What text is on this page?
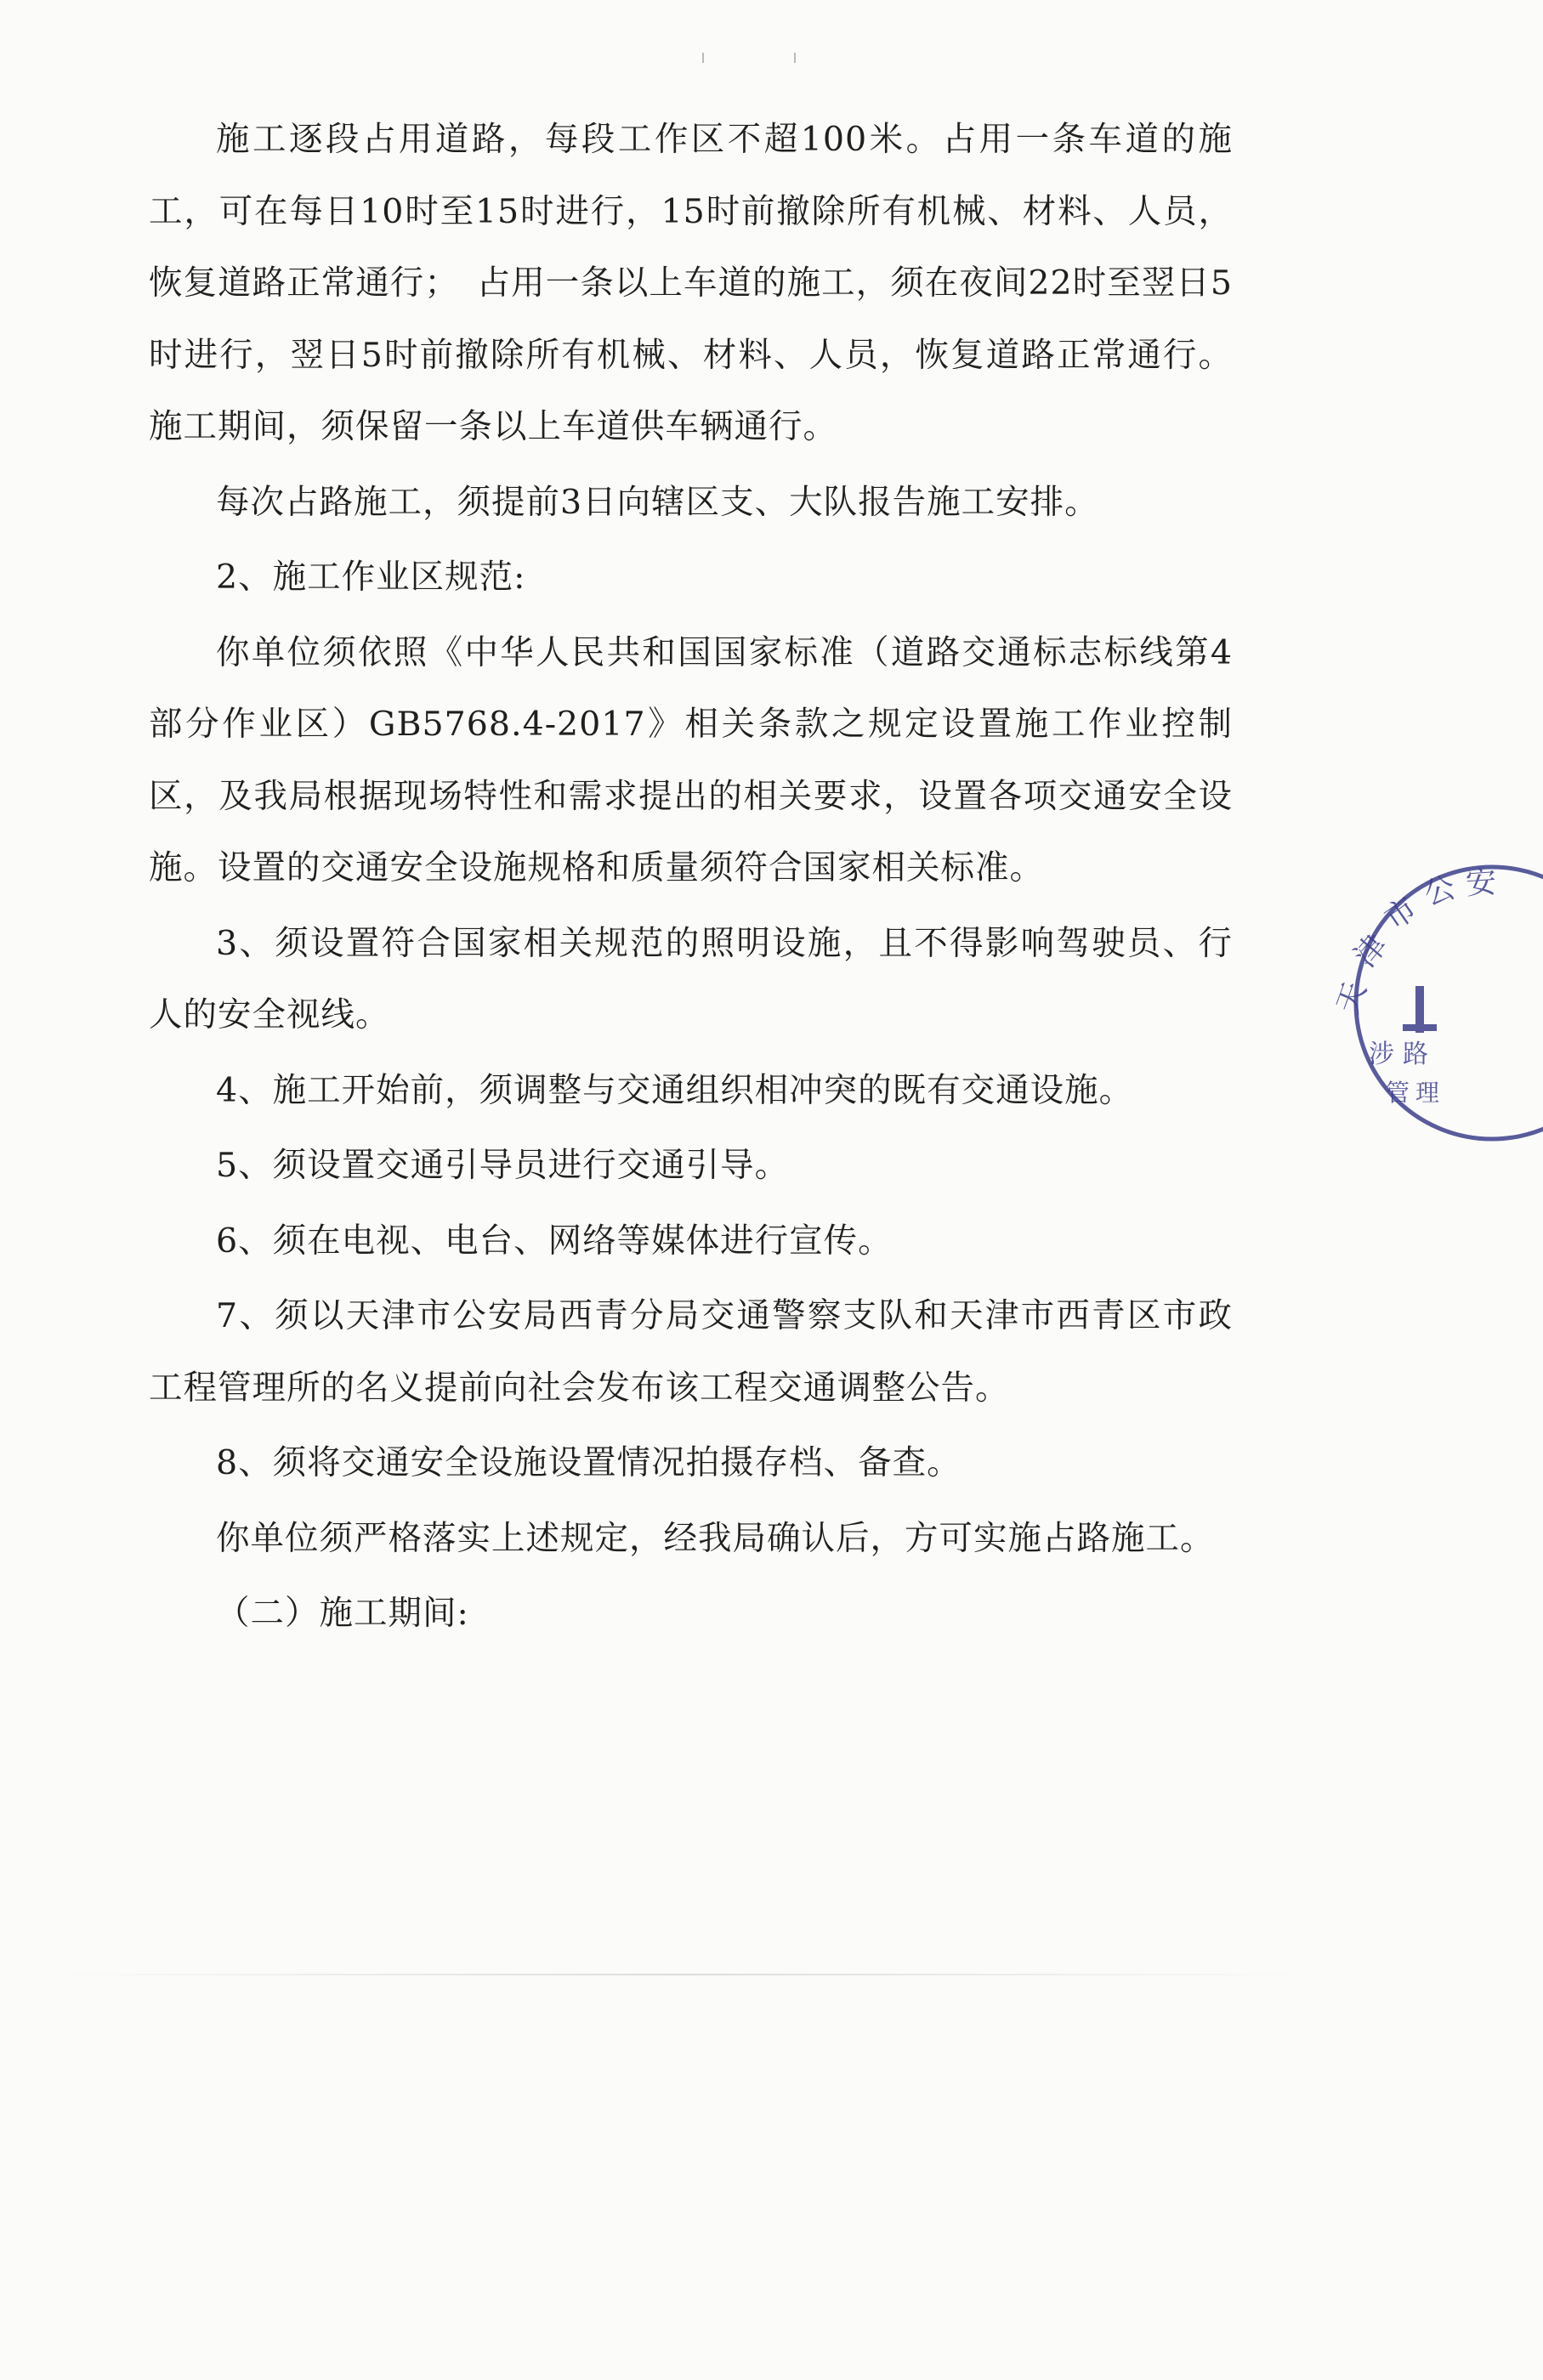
施工逐段占用道路，每段工作区不超100米。占用一条车道的施工，可在每日10时至15时进行，15时前撤除所有机械、材料、人员，恢复道路正常通行；　占用一条以上车道的施工，须在夜间22时至翌日5时进行，翌日5时前撤除所有机械、材料、人员，恢复道路正常通行。施工期间，须保留一条以上车道供车辆通行。

每次占路施工，须提前3日向辖区支、大队报告施工安排。

2、施工作业区规范:

你单位须依照《中华人民共和国国家标准（道路交通标志标线第4部分作业区）GB5768.4-2017》相关条款之规定设置施工作业控制区，及我局根据现场特性和需求提出的相关要求，设置各项交通安全设施。设置的交通安全设施规格和质量须符合国家相关标准。

3、须设置符合国家相关规范的照明设施，且不得影响驾驶员、行人的安全视线。

4、施工开始前，须调整与交通组织相冲突的既有交通设施。

5、须设置交通引导员进行交通引导。

6、须在电视、电台、网络等媒体进行宣传。

7、须以天津市公安局西青分局交通警察支队和天津市西青区市政工程管理所的名义提前向社会发布该工程交通调整公告。

8、须将交通安全设施设置情况拍摄存档、备查。

你单位须严格落实上述规定，经我局确认后，方可实施占路施工。

（二）施工期间:

天
津
市
公 安
涉 路
管 理
